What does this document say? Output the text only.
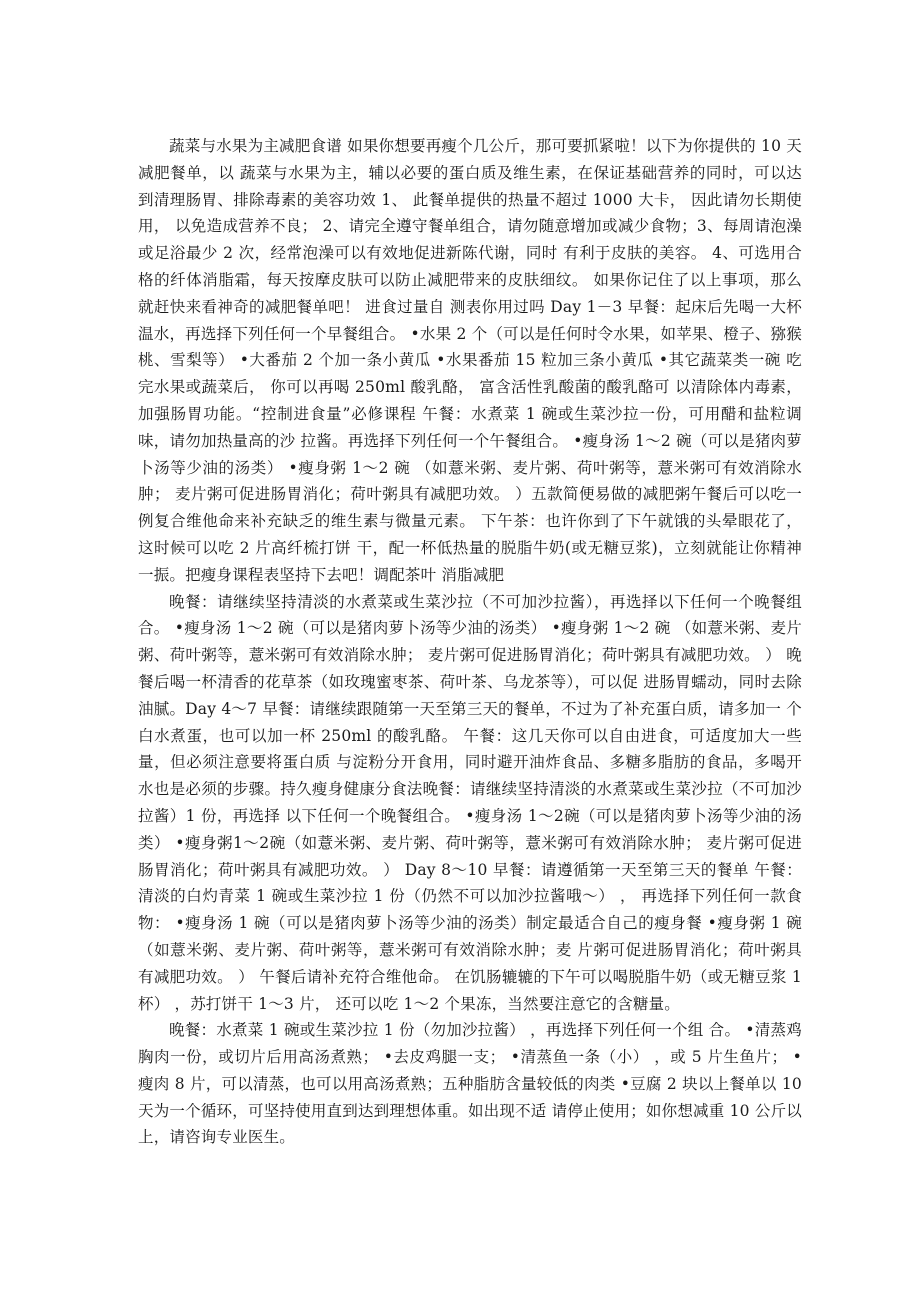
蔬菜与水果为主减肥食谱 如果你想要再瘦个几公斤，那可要抓紧啦！以下为你提供的 10 天减肥餐单，以 蔬菜与水果为主，辅以必要的蛋白质及维生素，在保证基础营养的同时，可以达 到清理肠胃、排除毒素的美容功效 1、 此餐单提供的热量不超过 1000 大卡， 因此请勿长期使用， 以免造成营养不良； 2、请完全遵守餐单组合，请勿随意增加或减少食物；3、每周请泡澡或足浴最少 2 次，经常泡澡可以有效地促进新陈代谢，同时 有利于皮肤的美容。 4、可选用合格的纤体消脂霜，每天按摩皮肤可以防止减肥带来的皮肤细纹。 如果你记住了以上事项，那么就赶快来看神奇的减肥餐单吧！ 进食过量自 测表你用过吗 Day 1－3 早餐：起床后先喝一大杯温水，再选择下列任何一个早餐组合。 •水果 2 个（可以是任何时令水果，如苹果、橙子、猕猴桃、雪梨等） •大番茄 2 个加一条小黄瓜 •水果番茄 15 粒加三条小黄瓜 •其它蔬菜类一碗 吃完水果或蔬菜后， 你可以再喝 250ml 酸乳酪， 富含活性乳酸菌的酸乳酪可 以清除体内毒素，加强肠胃功能。“控制进食量”必修课程 午餐：水煮菜 1 碗或生菜沙拉一份，可用醋和盐粒调味，请勿加热量高的沙 拉酱。再选择下列任何一个午餐组合。 •瘦身汤 1～2 碗（可以是猪肉萝卜汤等少油的汤类） •瘦身粥 1～2 碗 （如薏米粥、麦片粥、荷叶粥等，薏米粥可有效消除水肿； 麦片粥可促进肠胃消化；荷叶粥具有减肥功效。 ）五款简便易做的减肥粥午餐后可以吃一例复合维他命来补充缺乏的维生素与微量元素。 下午茶：也许你到了下午就饿的头晕眼花了，这时候可以吃 2 片高纤梳打饼 干，配一杯低热量的脱脂牛奶(或无糖豆浆)，立刻就能让你精神一振。把瘦身课程表坚持下去吧！调配茶叶 消脂减肥

晚餐：请继续坚持清淡的水煮菜或生菜沙拉（不可加沙拉酱），再选择以下任何一个晚餐组合。 •瘦身汤 1～2 碗（可以是猪肉萝卜汤等少油的汤类） •瘦身粥 1～2 碗 （如薏米粥、麦片粥、荷叶粥等，薏米粥可有效消除水肿； 麦片粥可促进肠胃消化；荷叶粥具有减肥功效。 ） 晚餐后喝一杯清香的花草茶（如玫瑰蜜枣茶、荷叶茶、乌龙茶等），可以促 进肠胃蠕动，同时去除油腻。Day 4～7 早餐：请继续跟随第一天至第三天的餐单，不过为了补充蛋白质，请多加一 个白水煮蛋，也可以加一杯 250ml 的酸乳酪。 午餐：这几天你可以自由进食，可适度加大一些量，但必须注意要将蛋白质 与淀粉分开食用，同时避开油炸食品、多糖多脂肪的食品，多喝开水也是必须的步骤。持久瘦身健康分食法晚餐：请继续坚持清淡的水煮菜或生菜沙拉（不可加沙拉酱）1 份，再选择 以下任何一个晚餐组合。 •瘦身汤 1～2碗（可以是猪肉萝卜汤等少油的汤类） •瘦身粥1～2碗（如薏米粥、麦片粥、荷叶粥等，薏米粥可有效消除水肿； 麦片粥可促进肠胃消化；荷叶粥具有减肥功效。 ） Day 8～10 早餐：请遵循第一天至第三天的餐单 午餐：清淡的白灼青菜 1 碗或生菜沙拉 1 份（仍然不可以加沙拉酱哦～） ， 再选择下列任何一款食物： •瘦身汤 1 碗（可以是猪肉萝卜汤等少油的汤类）制定最适合自己的瘦身餐 •瘦身粥 1 碗 （如薏米粥、麦片粥、荷叶粥等，薏米粥可有效消除水肿；麦 片粥可促进肠胃消化；荷叶粥具有减肥功效。 ） 午餐后请补充符合维他命。 在饥肠辘辘的下午可以喝脱脂牛奶（或无糖豆浆 1 杯） ，苏打饼干 1～3 片， 还可以吃 1～2 个果冻，当然要注意它的含糖量。

晚餐：水煮菜 1 碗或生菜沙拉 1 份（勿加沙拉酱） ，再选择下列任何一个组 合。 •清蒸鸡胸肉一份，或切片后用高汤煮熟； •去皮鸡腿一支； •清蒸鱼一条（小） ，或 5 片生鱼片； •瘦肉 8 片，可以清蒸，也可以用高汤煮熟；五种脂肪含量较低的肉类 •豆腐 2 块以上餐单以 10 天为一个循环，可坚持使用直到达到理想体重。如出现不适 请停止使用；如你想减重 10 公斤以上，请咨询专业医生。
